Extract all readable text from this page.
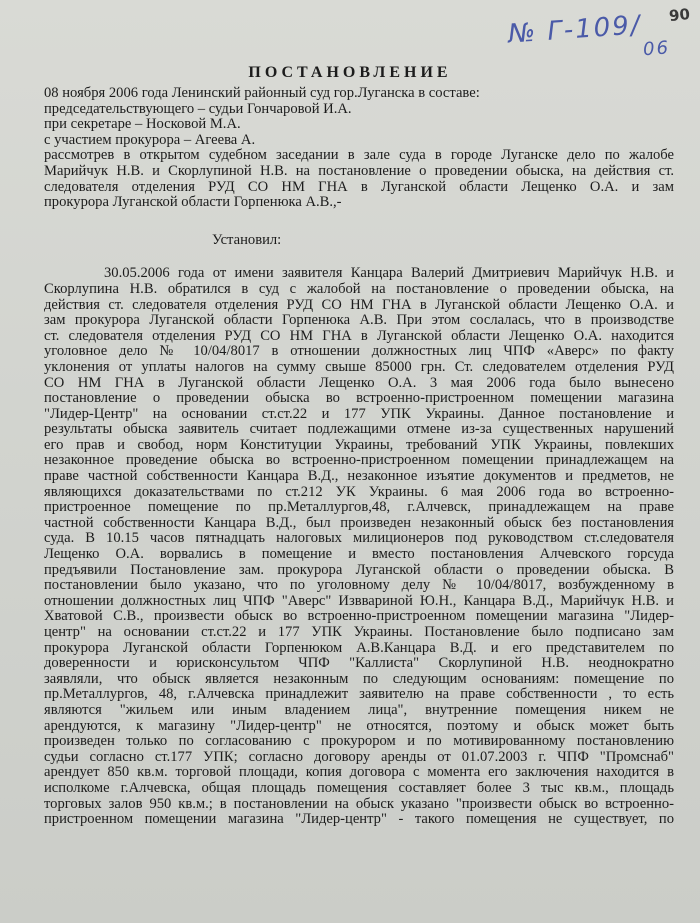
90
№ $Г-109/_{06}$
ПОСТАНОВЛЕНИЕ
08 ноября 2006 года Ленинский районный суд гор.Луганска в составе:
председательствующего – судьи Гончаровой И.А.
при секретаре – Носковой М.А.
с участием прокурора – Агеева А.
рассмотрев в открытом судебном заседании в зале суда в городе Луганске дело по жалобе
Марийчук Н.В. и Скорлупиной Н.В. на постановление о проведении обыска, на действия ст.
следователя отделения РУД СО НМ ГНА в Луганской области Лещенко О.А. и зам
прокурора Луганской области Горпенюка А.В.,-
Установил:
30.05.2006 года от имени заявителя Канцара Валерий Дмитриевич Марийчук Н.В. и
Скорлупина Н.В. обратился в суд с жалобой на постановление о проведении обыска, на
действия ст. следователя отделения РУД СО НМ ГНА в Луганской области Лещенко О.А. и
зам прокурора Луганской области Горпенюка А.В. При этом сослалась, что в производстве
ст. следователя отделения РУД СО НМ ГНА в Луганской области Лещенко О.А. находится
уголовное дело № 10/04/8017 в отношении должностных лиц ЧПФ «Аверс» по факту
уклонения от уплаты налогов на сумму свыше 85000 грн. Ст. следователем отделения РУД
СО НМ ГНА в Луганской области Лещенко О.А. 3 мая 2006 года было вынесено
постановление о проведении обыска во встроенно-пристроенном помещении магазина
"Лидер-Центр" на основании ст.ст.22 и 177 УПК Украины. Данное постановление и
результаты обыска заявитель считает подлежащими отмене из-за существенных нарушений
его прав и свобод, норм Конституции Украины, требований УПК Украины, повлекших
незаконное проведение обыска во встроенно-пристроенном помещении принадлежащем на
праве частной собственности Канцара В.Д., незаконное изъятие документов и предметов, не
являющихся доказательствами по ст.212 УК Украины. 6 мая 2006 года во встроенно-
пристроенное помещение по пр.Металлургов,48, г.Алчевск, принадлежащем на праве
частной собственности Канцара В.Д., был произведен незаконный обыск без постановления
суда. В 10.15 часов пятнадцать налоговых милиционеров под руководством ст.следователя
Лещенко О.А. ворвались в помещение и вместо постановления Алчевского горсуда
предъявили Постановление зам. прокурора Луганской области о проведении обыска. В
постановлении было указано, что по уголовному делу № 10/04/8017, возбужденному в
отношении должностных лиц ЧПФ "Аверс" Изввариной Ю.Н., Канцара В.Д., Марийчук Н.В. и
Хватовой С.В., произвести обыск во встроенно-пристроенном помещении магазина "Лидер-
центр" на основании ст.ст.22 и 177 УПК Украины. Постановление было подписано зам
прокурора Луганской области Горпенюком А.В.Канцара В.Д. и его представителем по
доверенности и юрисконсультом ЧПФ "Каллиста" Скорлупиной Н.В. неоднократно
заявляли, что обыск является незаконным по следующим основаниям: помещение по
пр.Металлургов, 48, г.Алчевска принадлежит заявителю на праве собственности , то есть
являются "жильем или иным владением лица", внутренние помещения никем не
арендуются, к магазину "Лидер-центр" не относятся, поэтому и обыск может быть
произведен только по согласованию с прокурором и по мотивированному постановлению
судьи согласно ст.177 УПК; согласно договору аренды от 01.07.2003 г. ЧПФ "Промснаб"
арендует 850 кв.м. торговой площади, копия договора с момента его заключения находится в
исполкоме г.Алчевска, общая площадь помещения составляет более 3 тыс кв.м., площадь
торговых залов 950 кв.м.; в постановлении на обыск указано "произвести обыск во встроенно-
пристроенном помещении магазина "Лидер-центр" - такого помещения не существует, по
